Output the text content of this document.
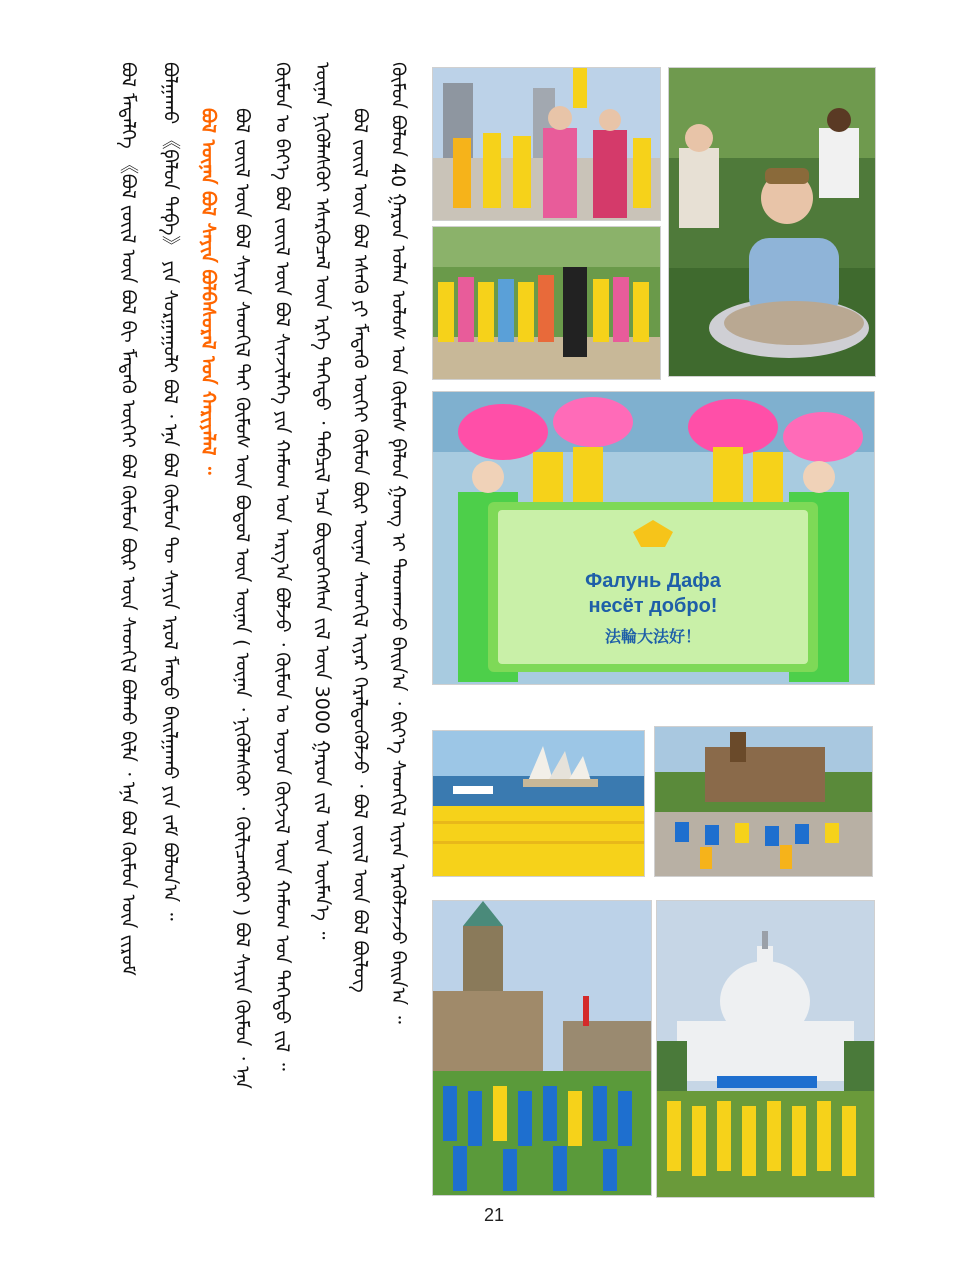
ᠪᠣᠯ ᠮᠡᠳᠡᠯᠭᠡ 《ᠪᠣᠯ ᠵᠦᠢᠯ ᠦᠨ ᠪᠣᠯ ᠪᠢ ᠮᠡᠳᠡᠬᠦ ᠦᠭᠡᠢ ᠪᠣᠯ ᠬᠦᠮᠦᠨ ᠪᠦᠷ ᠦᠨ ᠰᠡᠳᠬᠢᠯ ᠪᠣᠯᠬᠤ ᠪᠢᠯᠡ ᠂ ᠡᠨᠡ ᠪᠣᠯ ᠬᠦᠮᠦᠨ ᠦᠨ ᠵᠢᠷᠤᠮ ᠪᠣᠯᠭᠠᠬᠤ 《ᠹᠠᠯᠦᠨ ᠳᠠᠹᠠ》 ᠶᠢᠨ ᠰᠤᠷᠭᠠᠭᠤᠯᠢ ᠪᠣᠯ ᠂ ᠡᠨᠡ ᠪᠣᠯ ᠬᠦᠮᠦᠨ ᠲᠦ ᠰᠠᠶᠢᠨ ᠡᠷᠦᠯ ᠮᠡᠨᠳᠦ ᠪᠠᠢᠯᠭᠠᠬᠤ ᠶᠢᠨ ᠵᠠᠮ ᠪᠣᠯᠤᠨ᠎ᠠ ᠃ ᠪᠣᠯ ᠦᠨᠡᠨ ᠪᠣᠯ ᠰᠠᠶᠢᠨ ᠪᠣᠯᠪᠠᠰᠤᠷᠠᠯ ᠤᠨ ᠬᠠᠷᠢᠶᠠᠯᠠᠯ ᠃ ᠪᠣᠯ ᠵᠦᠢᠯ ᠦᠨ ᠪᠣᠯ ᠰᠠᠶᠢᠨ ᠰᠡᠳᠬᠢᠯ ᠲᠡᠢ ᠬᠦᠮᠦᠰ ᠦᠨ ᠪᠣᠳᠤᠯ ᠦᠨ ᠦᠨᠡᠨ ( ᠦᠨᠡᠨ ᠂ ᠨᠢᠭᠦᠯᠡᠰᠬᠦᠢ ᠂ ᠬᠦᠯᠢᠴᠡᠩᠭᠦᠢ ) ᠪᠣᠯ ᠰᠠᠶᠢᠨ ᠬᠦᠮᠦᠨ ᠂ ᠡᠨᠡ ᠬᠦᠮᠦᠨ ᠤ ᠪᠡᠶ᠎ᠡ ᠪᠣᠯ ᠵᠦᠢᠯ ᠦᠨ ᠪᠣᠯ ᠰᠢᠨᠵᠢᠯᠡᠭᠡ ᠶᠢᠨ ᠬᠠᠮᠤᠭ ᠤᠨ ᠠᠷᠭ᠎ᠠ ᠪᠣᠯᠵᠤ ᠂ ᠬᠦᠮᠦᠨ ᠤ ᠣᠶᠤᠨ ᠬᠥᠭᠵᠢᠯ ᠦᠨ ᠬᠠᠮᠤᠭ ᠤᠨ ᠳᠡᠭᠡᠳᠦ ᠵᠢᠯ ᠃ ᠦᠨᠡᠨ ᠨᠢᠭᠦᠯᠡᠰᠬᠦᠢ ᠡᠰᠡᠷᠭᠦᠴᠡᠯ ᠦᠨ ᠡᠷᠬᠡ ᠳᠡᠭᠡᠳᠦ ᠂ ᠲᠡᠪᠴᠢᠯ ᠡᠴᠡ ᠪᠦᠲᠦᠭᠡᠭᠰᠡᠨ ᠵᠢᠯ ᠦᠨ 3000 ᠭᠠᠷᠤᠨ ᠵᠢᠯ ᠦᠨ ᠦᠮᠡᠨ᠎ᠡ ᠃ ᠪᠣᠯ ᠵᠦᠢᠯ ᠦᠨ ᠪᠣᠯ ᠡᠰᠡᠬᠦ ᠶᠢ ᠮᠡᠳᠡᠬᠦ ᠦᠭᠡᠢ ᠬᠦᠮᠦᠨ ᠪᠦᠷ ᠦᠨᠡᠨ ᠰᠡᠳᠬᠢᠯ ᠢᠶᠡᠷ ᠭᠡᠷᠡᠯᠲᠦᠭᠦᠯᠵᠦ ᠂ ᠪᠣᠯ ᠵᠦᠢᠯ ᠦᠨ ᠪᠣᠯ ᠪᠦᠯᠦᠭ ᠬᠦᠮᠦᠨ ᠪᠣᠯᠤᠨ 40 ᠭᠠᠷᠤᠨ ᠣᠯᠠᠨ ᠤᠯᠤᠰ ᠤᠨ ᠬᠦᠮᠦᠰ ᠹᠠᠯᠦᠨ ᠭᠣᠩ ᠢ ᠳᠠᠳᠬᠠᠵᠤ ᠪᠠᠢᠨ᠎ᠠ ᠂ ᠪᠢᠶ᠎ᠡ ᠰᠡᠳᠬᠢᠯ ᠢᠶᠡᠨ ᠡᠷᠡᠭᠦᠯᠵᠡᠵᠦ ᠪᠠᠢᠨ᠎ᠠ ᠃	Фалунь Дафа
несёт добро!
法輪大法好！
21
